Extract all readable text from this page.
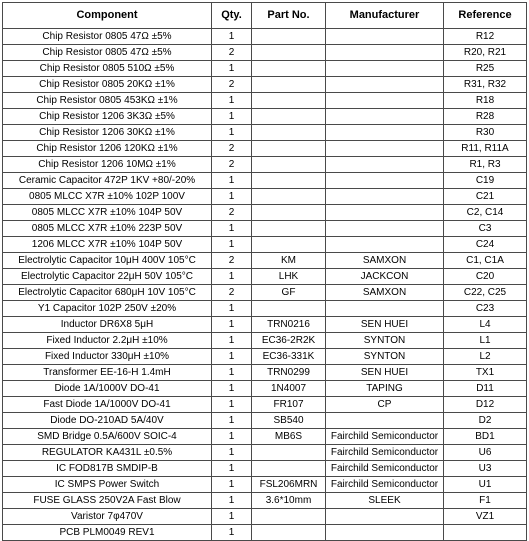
Component	Qty.	Part No.	Manufacturer	Reference
Chip Resistor 0805 47Ω ±5%	1			R12
Chip Resistor 0805 47Ω ±5%	2			R20, R21
Chip Resistor 0805 510Ω ±5%	1			R25
Chip Resistor 0805 20KΩ ±1%	2			R31, R32
Chip Resistor 0805 453KΩ ±1%	1			R18
Chip Resistor 1206 3K3Ω ±5%	1			R28
Chip Resistor 1206 30KΩ ±1%	1			R30
Chip Resistor 1206 120KΩ ±1%	2			R11, R11A
Chip Resistor 1206 10MΩ ±1%	2			R1, R3
Ceramic Capacitor 472P 1KV +80/-20%	1			C19
0805 MLCC X7R ±10% 102P 100V	1			C21
0805 MLCC X7R ±10% 104P 50V	2			C2, C14
0805 MLCC X7R ±10% 223P 50V	1			C3
1206 MLCC X7R ±10% 104P 50V	1			C24
Electrolytic Capacitor 10μH 400V 105°C	2	KM	SAMXON	C1, C1A
Electrolytic Capacitor 22μH 50V 105°C	1	LHK	JACKCON	C20
Electrolytic Capacitor 680μH 10V 105°C	2	GF	SAMXON	C22, C25
Y1 Capacitor 102P 250V ±20%	1			C23
Inductor DR6X8 5μH	1	TRN0216	SEN HUEI	L4
Fixed Inductor 2.2μH ±10%	1	EC36-2R2K	SYNTON	L1
Fixed Inductor 330μH ±10%	1	EC36-331K	SYNTON	L2
Transformer EE-16-H 1.4mH	1	TRN0299	SEN HUEI	TX1
Diode 1A/1000V DO-41	1	1N4007	TAPING	D11
Fast Diode 1A/1000V DO-41	1	FR107	CP	D12
Diode DO-210AD 5A/40V	1	SB540		D2
SMD Bridge 0.5A/600V SOIC-4	1	MB6S	Fairchild Semiconductor	BD1
REGULATOR KA431L ±0.5%	1		Fairchild Semiconductor	U6
IC FOD817B SMDIP-B	1		Fairchild Semiconductor	U3
IC SMPS Power Switch	1	FSL206MRN	Fairchild Semiconductor	U1
FUSE GLASS 250V2A Fast Blow	1	3.6*10mm	SLEEK	F1
Varistor 7φ470V	1			VZ1
PCB PLM0049 REV1	1			
